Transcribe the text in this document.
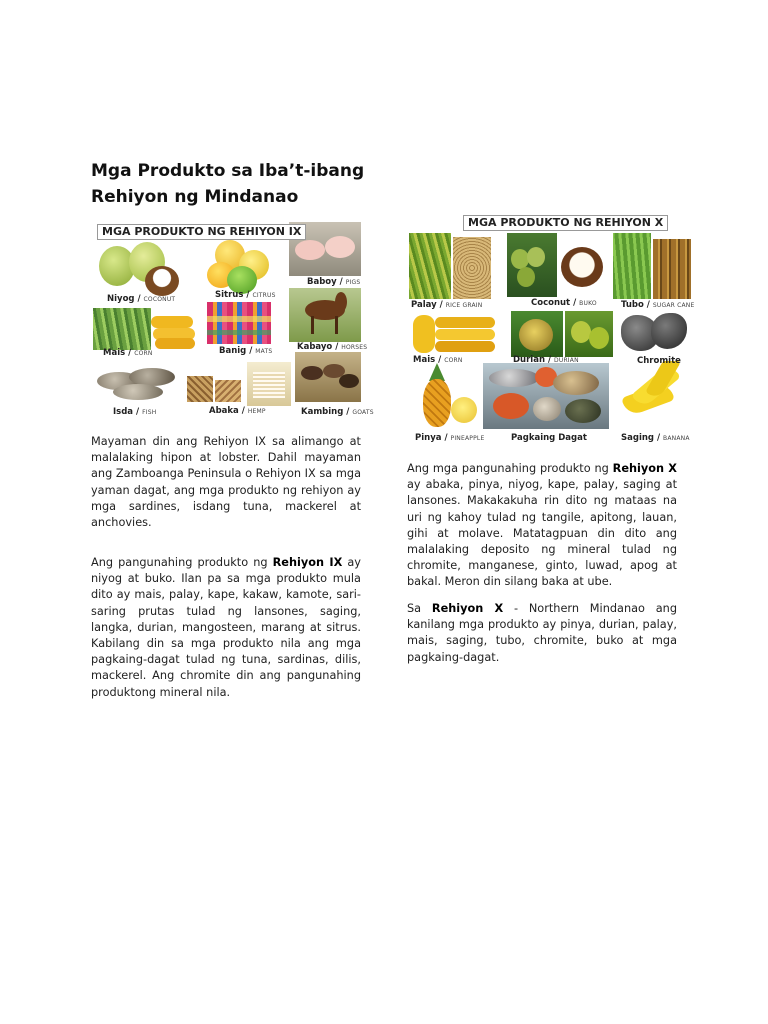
Mga Produkto sa Iba’t-ibang
Rehiyon ng Mindanao
MGA PRODUKTO NG REHIYON IX
Niyog / COCONUT	Sitrus / CITRUS
Baboy / PIGS
Mais / CORN	Banig / MATS	Kabayo / HORSES
Isda / FISH	Abaka / HEMP	Kambing / GOATS
MGA PRODUKTO NG REHIYON X
Palay / RICE GRAIN	Coconut / BUKO	Tubo / SUGAR CANE
Mais / CORN	Durian / DURIAN	Chromite
Pinya / PINEAPPLE	Pagkaing Dagat	Saging / BANANA
Mayaman din ang Rehiyon IX sa alimango at malalaking hipon at lobster. Dahil mayaman ang Zamboanga Peninsula o Rehiyon IX sa mga yaman dagat, ang mga produkto ng rehiyon ay mga sardines, isdang tuna, mackerel at anchovies.
Ang pangunahing produkto ng Rehiyon IX ay niyog at buko. Ilan pa sa mga produkto mula dito ay mais, palay, kape, kakaw, kamote, sari-saring prutas tulad ng lansones, saging, langka, durian, mangosteen, marang at sitrus. Kabilang din sa mga produkto nila ang mga pagkaing-dagat tulad ng tuna, sardinas, dilis, mackerel. Ang chromite din ang pangunahing produktong mineral nila.
Ang mga pangunahing produkto ng Rehiyon X ay abaka, pinya, niyog, kape, palay, saging at lansones. Makakakuha rin dito ng mataas na uri ng kahoy tulad ng tangile, apitong, lauan, gihi at molave. Matatagpuan din dito ang malalaking deposito ng mineral tulad ng chromite, manganese, ginto, luwad, apog at bakal. Meron din silang baka at ube.
Sa Rehiyon X - Northern Mindanao ang kanilang mga produkto ay pinya, durian, palay, mais, saging, tubo, chromite, buko at mga pagkaing-dagat.
